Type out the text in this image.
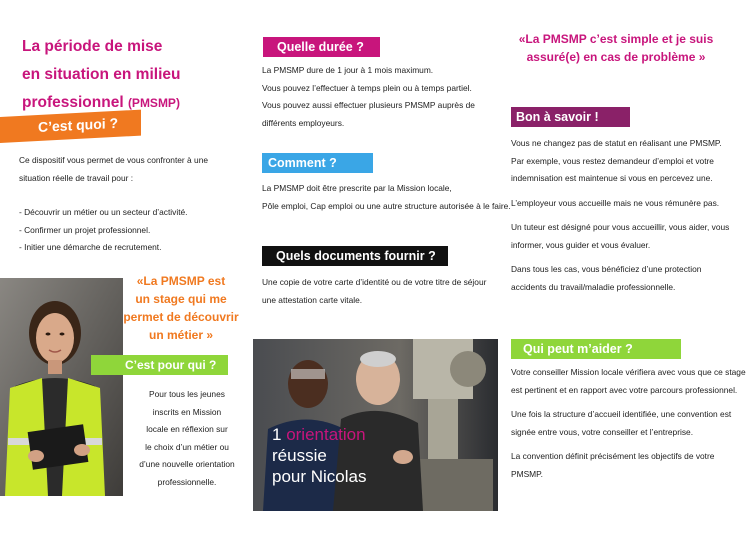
La période de mise
en situation en milieu
professionnel (PMSMP)
C’est quoi ?
Ce dispositif vous permet de vous confronter à une
situation réelle de travail pour :
- Découvrir un métier ou un secteur d’activité.
- Confirmer un projet professionnel.
- Initier une démarche de recrutement.
«La PMSMP est
un stage qui me
permet de découvrir
un métier »
C’est pour qui ?
Pour tous les jeunes
inscrits en Mission
locale en réflexion sur
le choix d’un métier ou
d’une nouvelle orientation
professionnelle.
Quelle durée ?
La PMSMP dure de 1 jour à 1 mois maximum.
Vous pouvez l’effectuer à temps plein ou à temps partiel.
Vous pouvez aussi effectuer plusieurs PMSMP auprès de
différents employeurs.
Comment ?
La PMSMP doit être prescrite par la Mission locale,
Pôle emploi, Cap emploi ou une autre structure autorisée à le faire.
Quels documents fournir ?
Une copie de votre carte d’identité ou de votre titre de séjour
une attestation carte vitale.
1 orientation
réussie
pour Nicolas
«La PMSMP c’est simple et je suis
assuré(e) en cas de problème »
Bon à savoir !
Vous ne changez pas de statut en réalisant une PMSMP.
Par exemple, vous restez demandeur d’emploi et votre
indemnisation est maintenue si vous en percevez une.
L’employeur vous accueille mais ne vous rémunère pas.
Un tuteur est désigné pour vous accueillir, vous aider, vous
informer, vous guider et vous évaluer.
Dans tous les cas, vous bénéficiez d’une protection
accidents du travail/maladie professionnelle.
Qui peut m’aider ?
Votre conseiller Mission locale vérifiera avec vous que ce stage
est pertinent et en rapport avec votre parcours professionnel.
Une fois la structure d’accueil identifiée, une convention est
signée entre vous, votre conseiller et l’entreprise.
La convention définit précisément les objectifs de votre PMSMP.
